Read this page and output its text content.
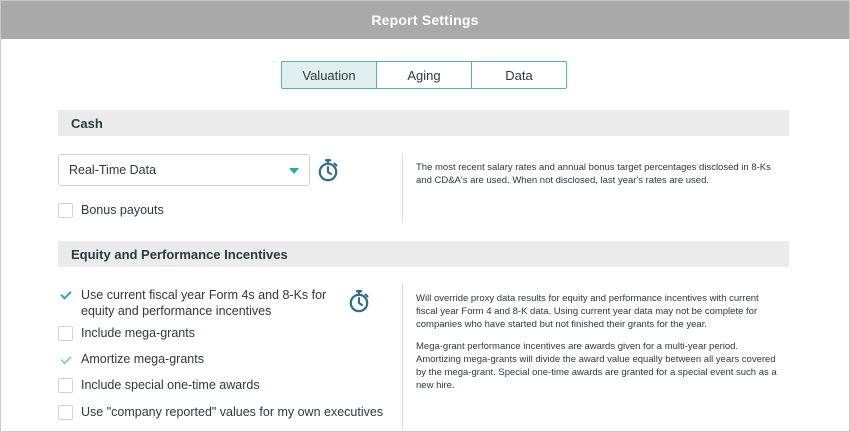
Report Settings
Valuation	Aging	Data
Cash
Real-Time Data
Bonus payouts

The most recent salary rates and annual bonus target percentages disclosed in 8-Ks and CD&A's are used. When not disclosed, last year's rates are used.

Equity and Performance Incentives
Use current fiscal year Form 4s and 8-Ks for equity and performance incentives
Include mega-grants
Amortize mega-grants
Include special one-time awards
Use "company reported" values for my own executives

Will override proxy data results for equity and performance incentives with current fiscal year Form 4 and 8-K data. Using current year data may not be complete for companies who have started but not finished their grants for the year.

Mega-grant performance incentives are awards given for a multi-year period. Amortizing mega-grants will divide the award value equally between all years covered by the mega-grant. Special one-time awards are granted for a special event such as a new hire.
